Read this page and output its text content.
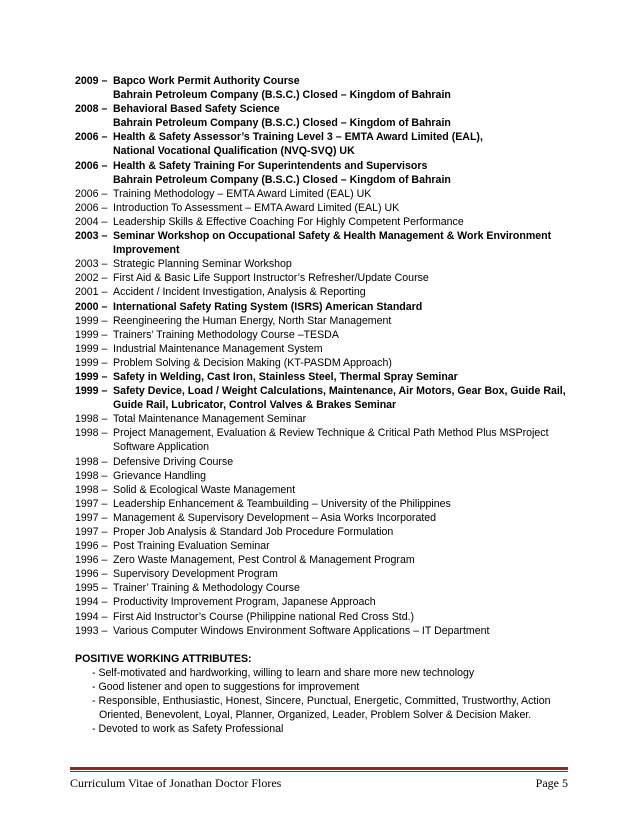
2009 – Bapco Work Permit Authority Course
Bahrain Petroleum Company (B.S.C.) Closed – Kingdom of Bahrain
2008 – Behavioral Based Safety Science
Bahrain Petroleum Company (B.S.C.) Closed – Kingdom of Bahrain
2006 – Health & Safety Assessor’s Training Level 3 – EMTA Award Limited (EAL),
National Vocational Qualification (NVQ-SVQ) UK
2006 – Health & Safety Training For Superintendents and Supervisors
Bahrain Petroleum Company (B.S.C.) Closed – Kingdom of Bahrain
2006 – Training Methodology – EMTA Award Limited (EAL) UK
2006 – Introduction To Assessment – EMTA Award Limited (EAL) UK
2004 – Leadership Skills & Effective Coaching For Highly Competent Performance
2003 – Seminar Workshop on Occupational Safety & Health Management & Work Environment Improvement
2003 – Strategic Planning Seminar Workshop
2002 – First Aid & Basic Life Support Instructor’s Refresher/Update Course
2001 – Accident / Incident Investigation, Analysis & Reporting
2000 – International Safety Rating System (ISRS) American Standard
1999 – Reengineering the Human Energy, North Star Management
1999 – Trainers’ Training Methodology Course –TESDA
1999 – Industrial Maintenance Management System
1999 – Problem Solving & Decision Making (KT-PASDM Approach)
1999 – Safety in Welding, Cast Iron, Stainless Steel, Thermal Spray Seminar
1999 – Safety Device, Load / Weight Calculations, Maintenance, Air Motors, Gear Box, Guide Rail, Guide Rail, Lubricator, Control Valves & Brakes Seminar
1998 – Total Maintenance Management Seminar
1998 – Project Management, Evaluation & Review Technique & Critical Path Method Plus MSProject Software Application
1998 – Defensive Driving Course
1998 – Grievance Handling
1998 – Solid & Ecological Waste Management
1997 – Leadership Enhancement & Teambuilding – University of the Philippines
1997 – Management & Supervisory Development – Asia Works Incorporated
1997 – Proper Job Analysis & Standard Job Procedure Formulation
1996 – Post Training Evaluation Seminar
1996 – Zero Waste Management, Pest Control & Management Program
1996 – Supervisory Development Program
1995 – Trainer’ Training & Methodology Course
1994 – Productivity Improvement Program, Japanese Approach
1994 – First Aid Instructor’s Course (Philippine national Red Cross Std.)
1993 – Various Computer Windows Environment Software Applications – IT Department
POSITIVE WORKING ATTRIBUTES:
- Self-motivated and hardworking, willing to learn and share more new technology
- Good listener and open to suggestions for improvement
- Responsible, Enthusiastic, Honest, Sincere, Punctual, Energetic, Committed, Trustworthy, Action Oriented, Benevolent, Loyal, Planner, Organized, Leader, Problem Solver & Decision Maker.
- Devoted to work as Safety Professional
Curriculum Vitae of Jonathan Doctor Flores	Page 5
